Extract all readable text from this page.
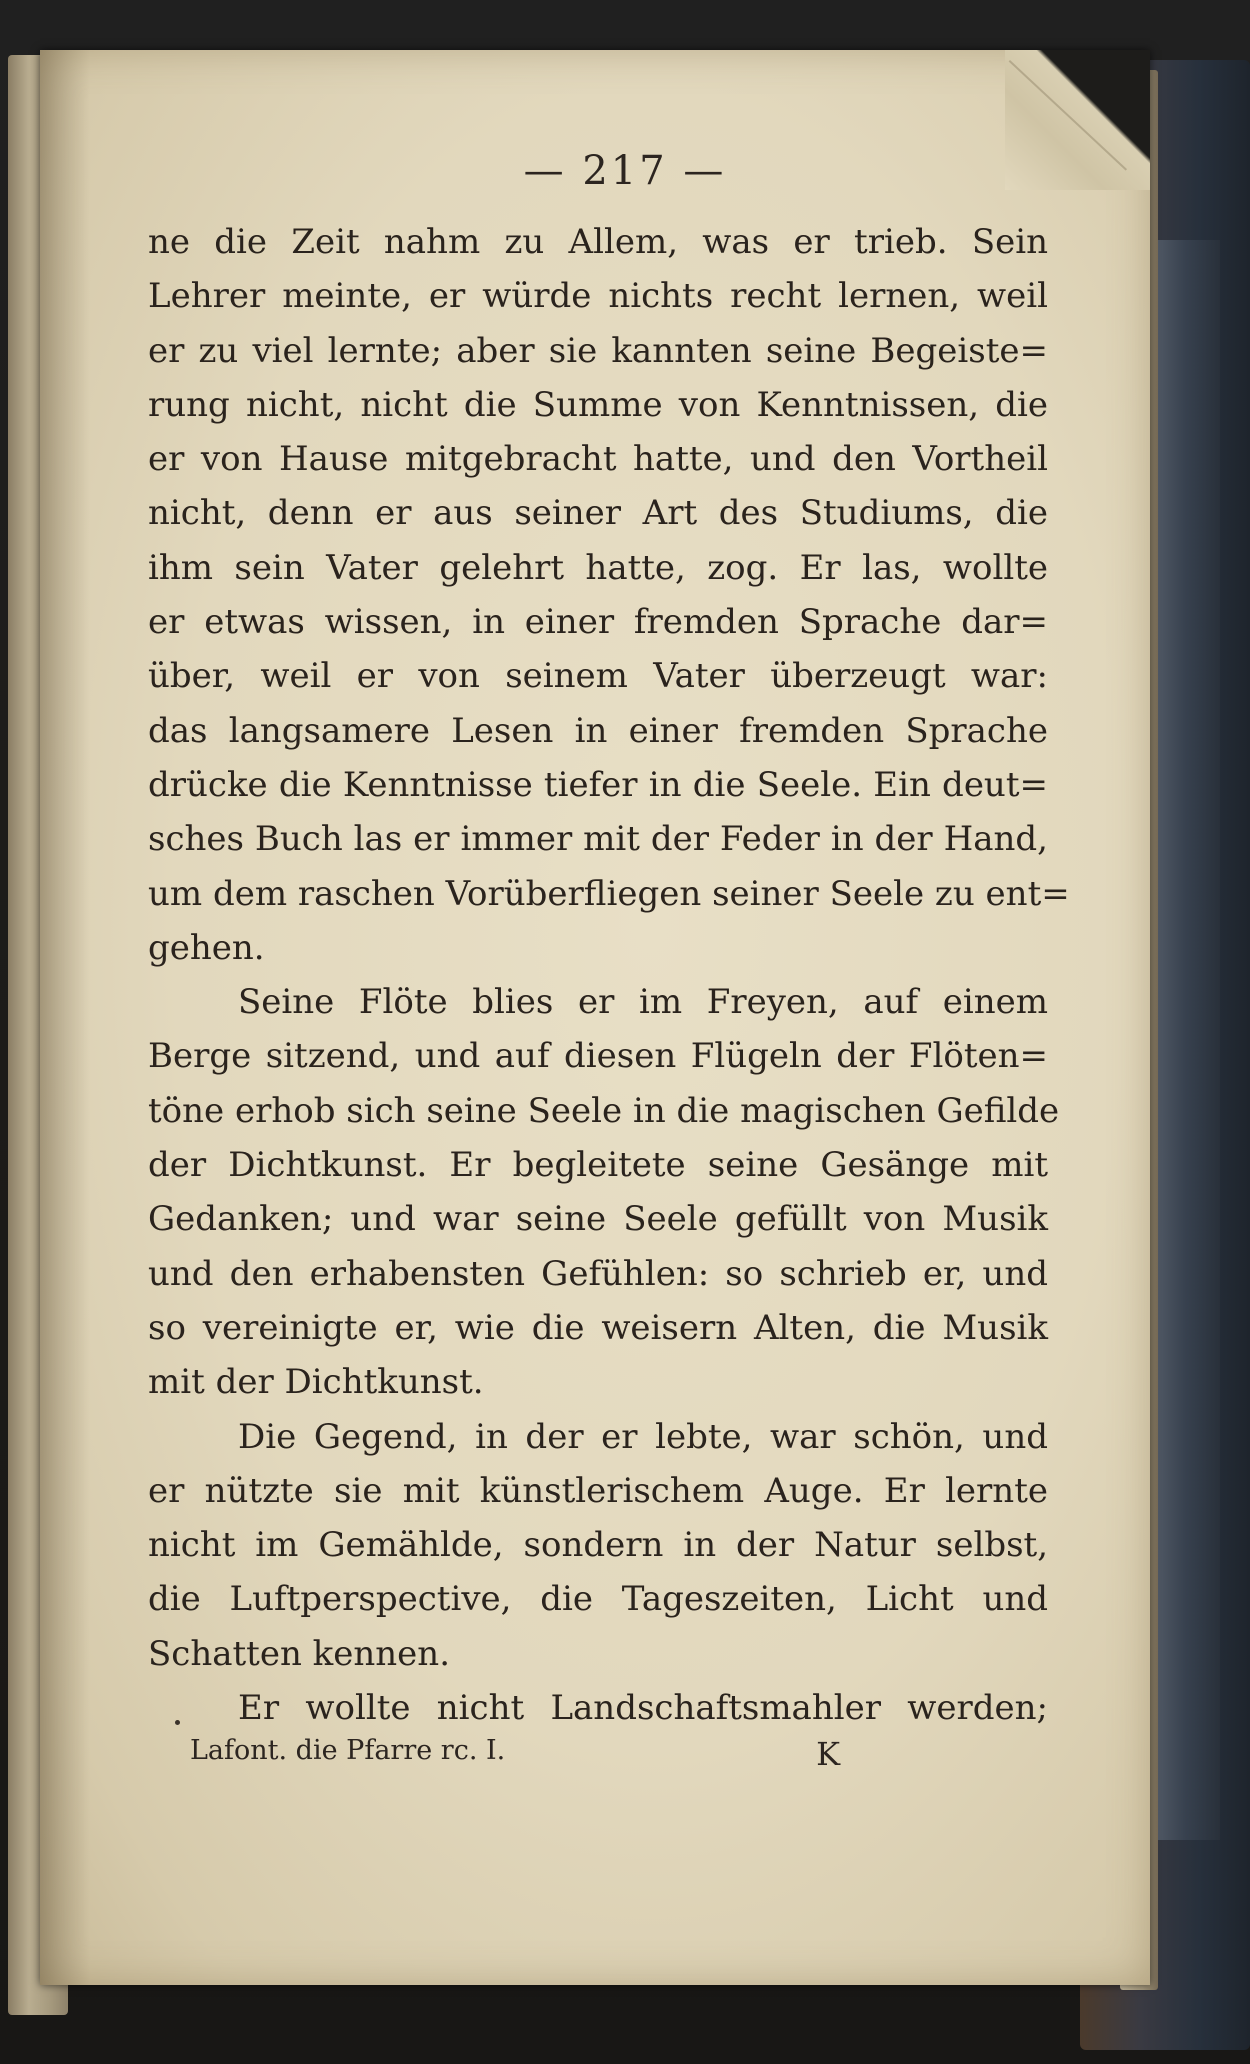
— 217 —
ne die Zeit nahm zu Allem, was er trieb. Sein
Lehrer meinte, er würde nichts recht lernen, weil
er zu viel lernte; aber sie kannten seine Begeiste=
rung nicht, nicht die Summe von Kenntnissen, die
er von Hause mitgebracht hatte, und den Vortheil
nicht, denn er aus seiner Art des Studiums, die
ihm sein Vater gelehrt hatte, zog. Er las, wollte
er etwas wissen, in einer fremden Sprache dar=
über, weil er von seinem Vater überzeugt war:
das langsamere Lesen in einer fremden Sprache
drücke die Kenntnisse tiefer in die Seele. Ein deut=
sches Buch las er immer mit der Feder in der Hand,
um dem raschen Vorüberfliegen seiner Seele zu ent=
gehen.
Seine Flöte blies er im Freyen, auf einem
Berge sitzend, und auf diesen Flügeln der Flöten=
töne erhob sich seine Seele in die magischen Gefilde
der Dichtkunst. Er begleitete seine Gesänge mit
Gedanken; und war seine Seele gefüllt von Musik
und den erhabensten Gefühlen: so schrieb er, und
so vereinigte er, wie die weisern Alten, die Musik
mit der Dichtkunst.
Die Gegend, in der er lebte, war schön, und
er nützte sie mit künstlerischem Auge. Er lernte
nicht im Gemählde, sondern in der Natur selbst,
die Luftperspective, die Tageszeiten, Licht und
Schatten kennen.
Er wollte nicht Landschaftsmahler werden;
Lafont. die Pfarre rc. I.	K
